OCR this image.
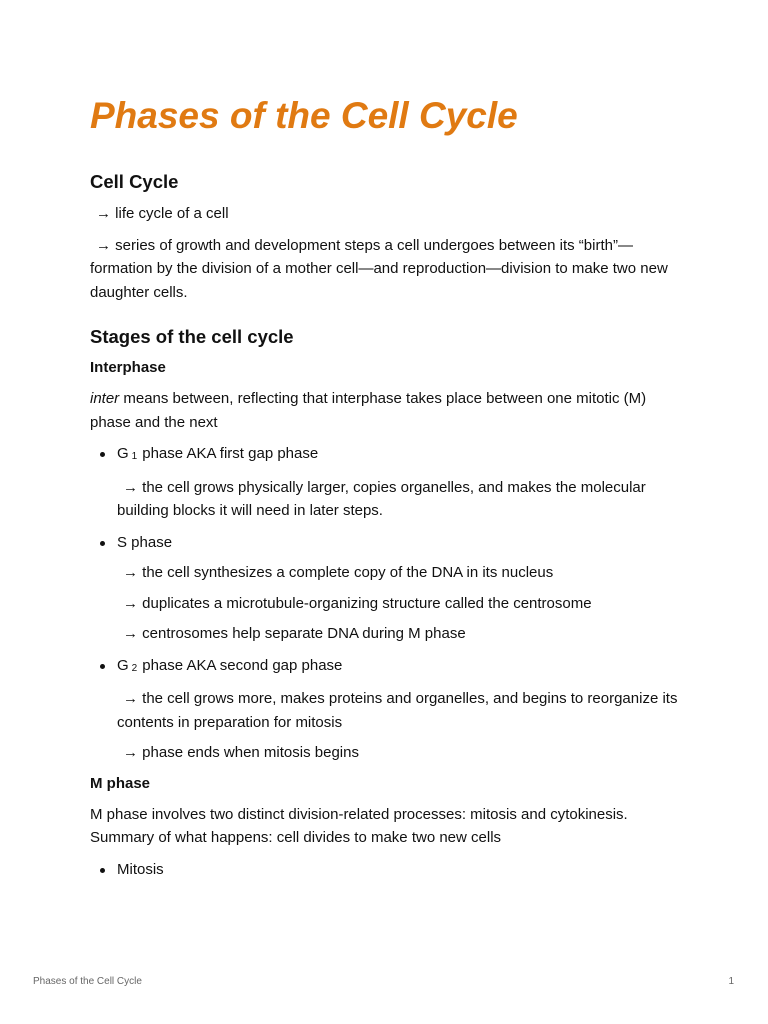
Phases of the Cell Cycle
Cell Cycle

→ life cycle of a cell

→ series of growth and development steps a cell undergoes between its “birth”—formation by the division of a mother cell—and reproduction—division to make two new daughter cells.

Stages of the cell cycle
Interphase

inter means between, reflecting that interphase takes place between one mitotic (M) phase and the next

G $_1$ phase AKA first gap phase

→ the cell grows physically larger, copies organelles, and makes the molecular building blocks it will need in later steps.

S phase

→ the cell synthesizes a complete copy of the DNA in its nucleus

→ duplicates a microtubule-organizing structure called the centrosome

→ centrosomes help separate DNA during M phase

G $_2$ phase AKA second gap phase

→ the cell grows more, makes proteins and organelles, and begins to reorganize its contents in preparation for mitosis

→ phase ends when mitosis begins

M phase

M phase involves two distinct division-related processes: mitosis and cytokinesis. Summary of what happens: cell divides to make two new cells

Mitosis
Phases of the Cell Cycle	1
